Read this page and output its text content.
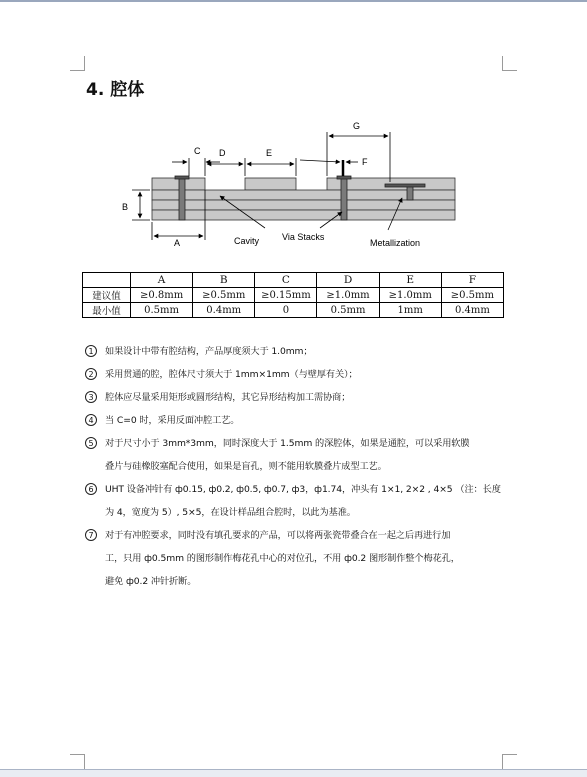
4. 腔体
A
B
C D	E
F
G
Cavity	Via Stacks
Metallization
	A	B	C	D	E	F
建议值	≥0.8mm	≥0.5mm	≥0.15mm	≥1.0mm	≥1.0mm	≥0.5mm
最小值	0.5mm	0.4mm	0	0.5mm	1mm	0.4mm
1	如果设计中带有腔结构，产品厚度须大于 1.0mm；

2	采用贯通的腔，腔体尺寸须大于 1mm×1mm（与壁厚有关）；

3	腔体应尽量采用矩形或圆形结构，其它异形结构加工需协商；

4	当 C=0 时，采用反面冲腔工艺。

5	对于尺寸小于 3mm*3mm，同时深度大于 1.5mm 的深腔体，如果是通腔，可以采用软膜

叠片与硅橡胶塞配合使用，如果是盲孔，则不能用软膜叠片成型工艺。

6	UHT 设备冲针有 ф0.15, ф0.2, ф0.5, ф0.7, ф3，ф1.74，冲头有 1×1, 2×2 , 4×5 （注：长度

为 4，宽度为 5）, 5×5，在设计样品组合腔时，以此为基准。

7	对于有冲腔要求，同时没有填孔要求的产品，可以将两张瓷带叠合在一起之后再进行加

工，只用 ф0.5mm 的图形制作梅花孔中心的对位孔，不用 ф0.2 图形制作整个梅花孔，

避免 ф0.2 冲针折断。
